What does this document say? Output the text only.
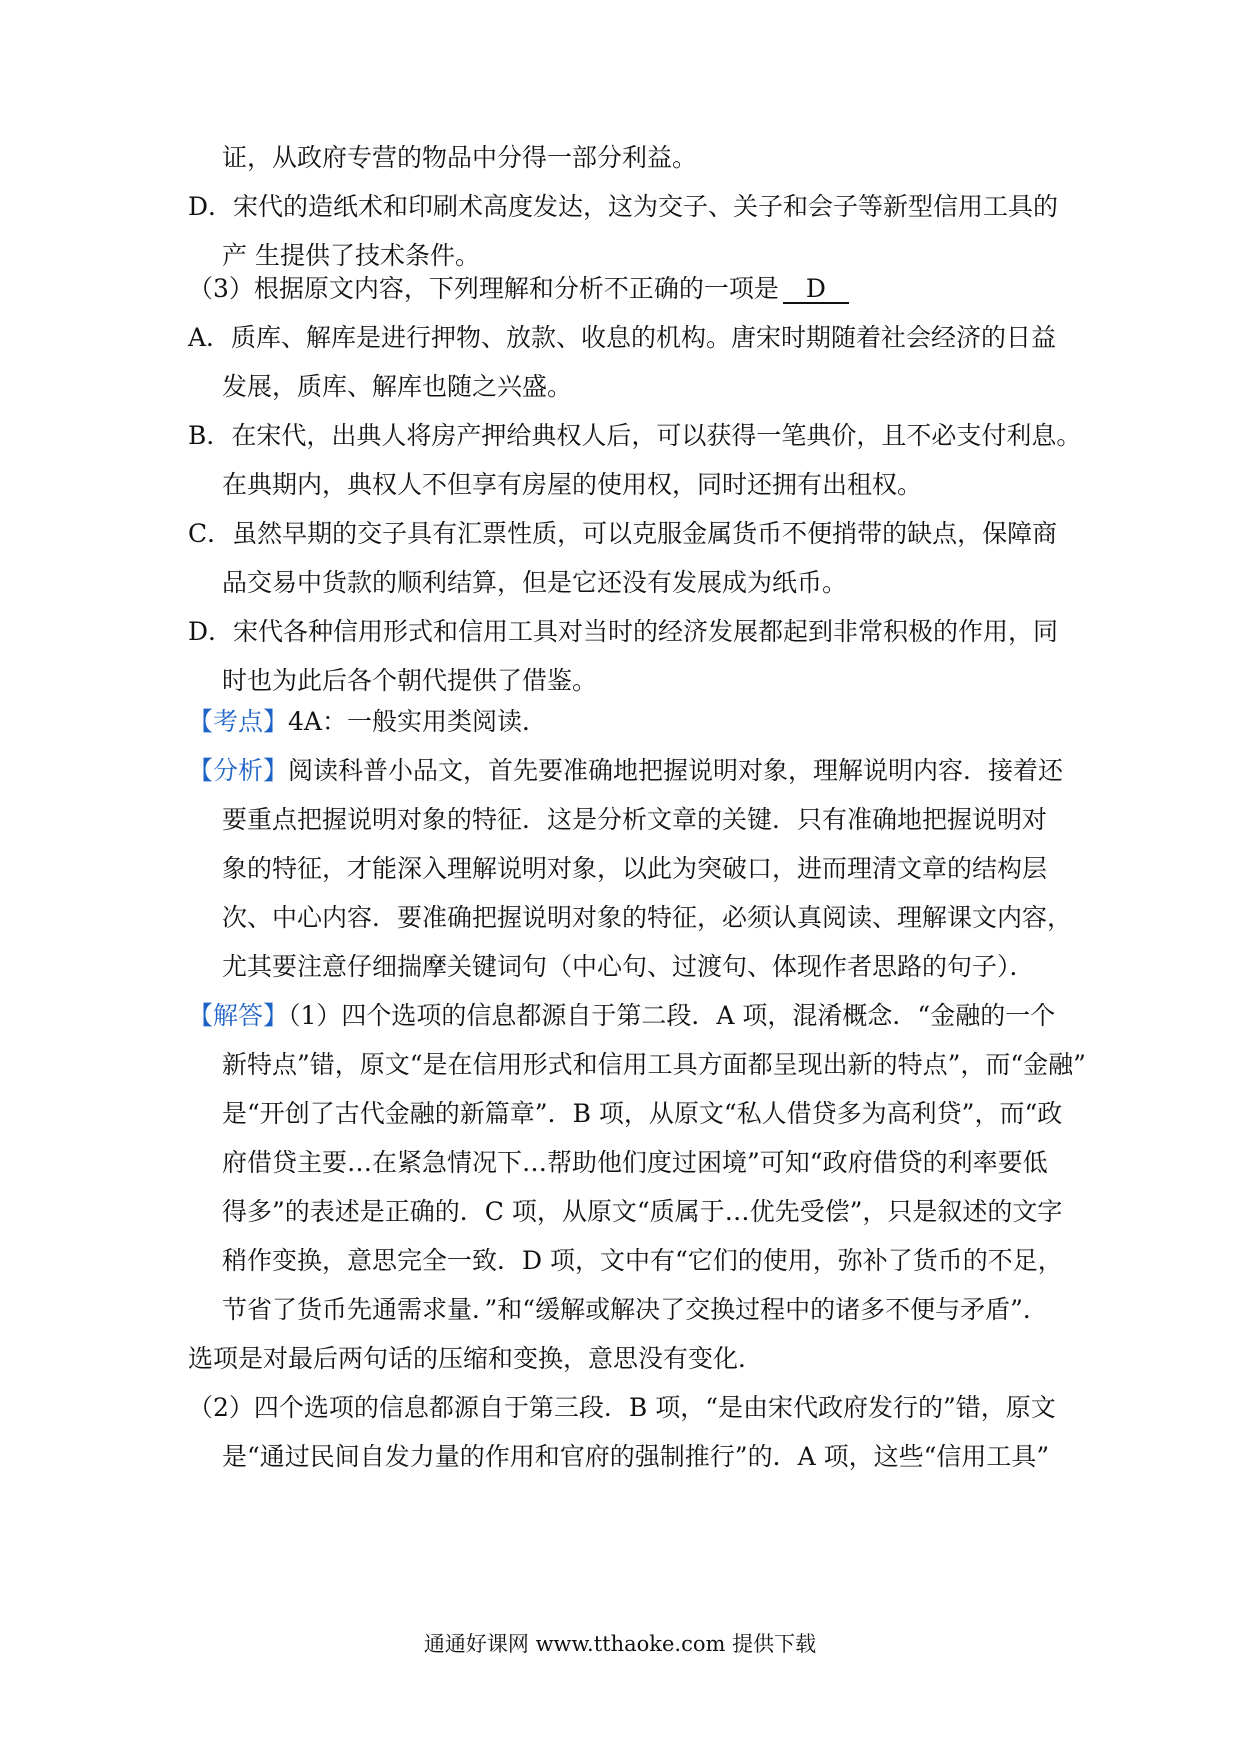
证，从政府专营的物品中分得一部分利益。
D．宋代的造纸术和印刷术高度发达，这为交子、关子和会子等新型信用工具的
产 生提供了技术条件。
（3）根据原文内容，下列理解和分析不正确的一项是 D
A．质库、解库是进行押物、放款、收息的机构。唐宋时期随着社会经济的日益
发展，质库、解库也随之兴盛。
B．在宋代，出典人将房产押给典权人后，可以获得一笔典价，且不必支付利息。
在典期内，典权人不但享有房屋的使用权，同时还拥有出租权。
C．虽然早期的交子具有汇票性质，可以克服金属货币不便捎带的缺点，保障商
品交易中货款的顺利结算，但是它还没有发展成为纸币。
D．宋代各种信用形式和信用工具对当时的经济发展都起到非常积极的作用，同
时也为此后各个朝代提供了借鉴。
【考点】4A：一般实用类阅读．
【分析】阅读科普小品文，首先要准确地把握说明对象，理解说明内容．接着还
要重点把握说明对象的特征．这是分析文章的关键．只有准确地把握说明对
象的特征，才能深入理解说明对象，以此为突破口，进而理清文章的结构层
次、中心内容．要准确把握说明对象的特征，必须认真阅读、理解课文内容，
尤其要注意仔细揣摩关键词句（中心句、过渡句、体现作者思路的句子）．
【解答】（1）四个选项的信息都源自于第二段．A 项，混淆概念．“金融的一个
新特点”错，原文“是在信用形式和信用工具方面都呈现出新的特点”，而“金融”
是“开创了古代金融的新篇章”．B 项，从原文“私人借贷多为高利贷”，而“政
府借贷主要…在紧急情况下…帮助他们度过困境”可知“政府借贷的利率要低
得多”的表述是正确的．C 项，从原文“质属于…优先受偿”，只是叙述的文字
稍作变换，意思完全一致．D 项，文中有“它们的使用，弥补了货币的不足，
节省了货币先通需求量．”和“缓解或解决了交换过程中的诸多不便与矛盾”．
选项是对最后两句话的压缩和变换，意思没有变化．
（2）四个选项的信息都源自于第三段．B 项，“是由宋代政府发行的”错，原文
是“通过民间自发力量的作用和官府的强制推行”的．A 项，这些“信用工具”
通通好课网 www.tthaoke.com 提供下载
